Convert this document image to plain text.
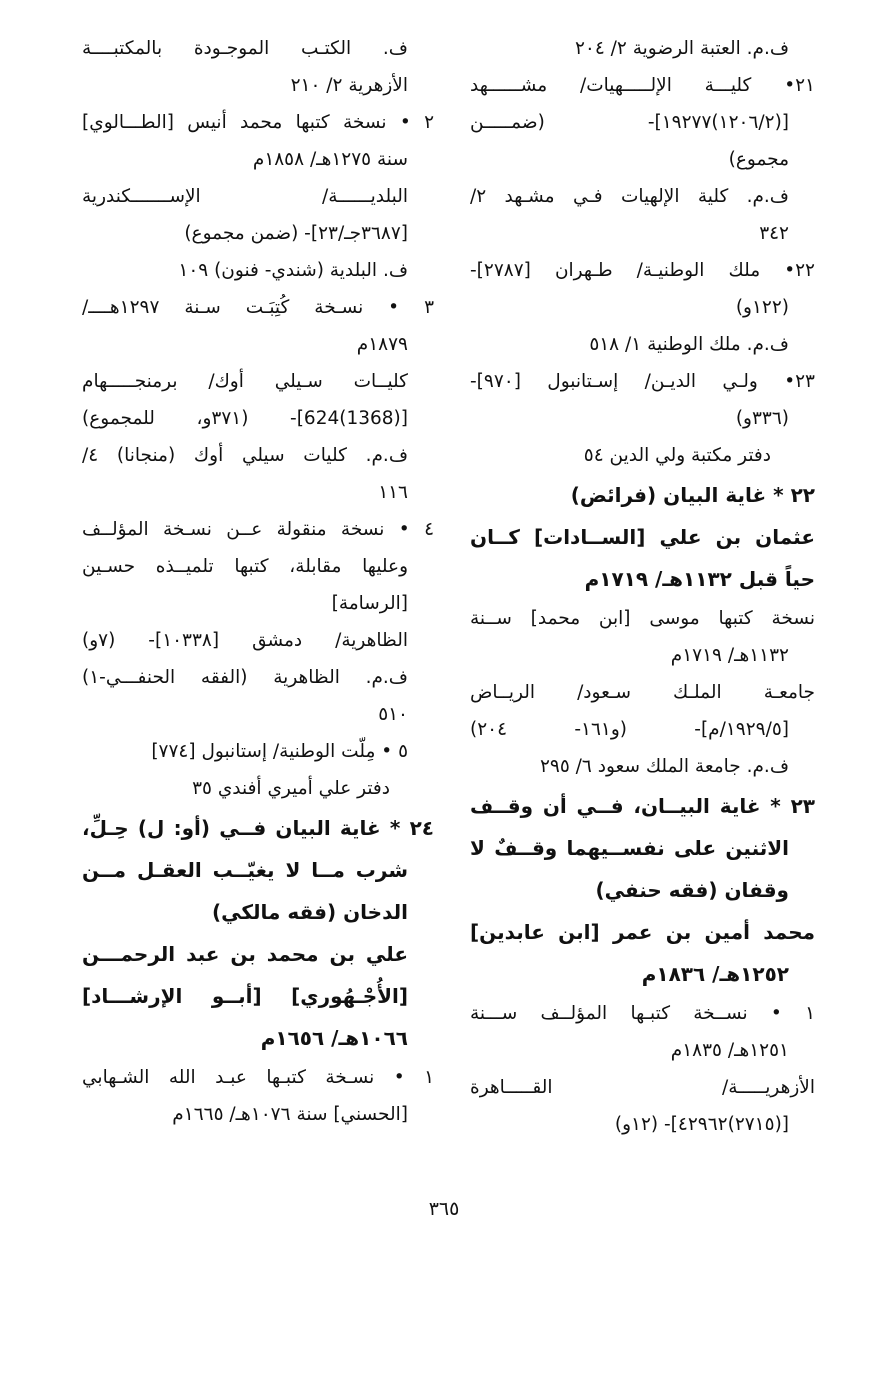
ف.م. العتبة الرضوية ٢/ ٢٠٤
٢١• كليـــة الإلـــــهيات/ مشــــــهد
[(١٢٠٦/٢)١٩٢٧٧]- (ضمـــــن
مجموع)
ف.م. كلية الإلهيات فـي مشـهد ٢/
٣٤٢
٢٢• ملك الوطنيـة/ طـهران [٢٧٨٧]-
(١٢٢و)
ف.م. ملك الوطنية ١/ ٥١٨
٢٣• ولـي الديـن/ إسـتانبول [٩٧٠]-
(٣٣٦و)
دفتر مكتبة ولي الدين ٥٤
٢٢ * غاية البيان (فرائض)
عثمان بن علي [الســادات] كــان
حياً قبل ١١٣٢هـ/ ١٧١٩م
نسخة كتبها موسى [ابن محمد] ســنة
١١٣٢هـ/ ١٧١٩م
جامعـة الملـك سـعود/ الريــاض
[١٩٢٩/٥/م]- (و١٦١- ٢٠٤)
ف.م. جامعة الملك سعود ٦/ ٢٩٥
٢٣ * غاية البيــان، فــي أن وقــف
الاثنين على نفســيهما وقــفٌ لا
وقفان (فقه حنفي)
محمد أمين بن عمر [ابن عابدين]
١٢٥٢هـ/ ١٨٣٦م
١ • نســخة كتبـها المؤلــف ســـنة
١٢٥١هـ/ ١٨٣٥م
الأزهريـــــة/ القـــــاهرة
[(٢٧١٥)٤٢٩٦٢]- (١٢و)
ف. الكتـب الموجـودة بالمكتبــــة
الأزهرية ٢/ ٢١٠
٢ • نسخة كتبها محمد أنيس [الطـــالوي]
سنة ١٢٧٥هـ/ ١٨٥٨م
البلديــــــة/ الإســـــــكندرية
[٣٦٨٧جـ/٢٣]- (ضمن مجموع)
ف. البلدية (شندي- فنون) ١٠٩
٣ • نسـخة كُتِبَـت سـنة ١٢٩٧هــــ/
١٨٧٩م
كليــات سـيلي أوك/ برمنجـــــهام
[(1368)624]- (٣٧١و، للمجموع)
ف.م. كليات سيلي أوك (منجانا) ٤/
١١٦
٤ • نسخة منقولة عــن نسـخة المؤلــف
وعليها مقابلة، كتبها تلميــذه حسـين
[الرسامة]
الظاهرية/ دمشق [١٠٣٣٨]- (٧و)
ف.م. الظاهرية (الفقه الحنفـــي-١)
٥١٠
٥ • مِلّت الوطنية/ إستانبول [٧٧٤]
دفتر علي أميري أفندي ٣٥
٢٤ * غاية البيان فــي (أو: ل) حِـلِّ،
شرب مــا لا يغيّــب العقـل مــن
الدخان (فقه مالكي)
علي بن محمد بن عبد الرحمـــن
[الأُجْـهُوري] [أبــو الإرشـــاد]
١٠٦٦هـ/ ١٦٥٦م
١ • نسـخة كتبـها عبـد الله الشـهابي
[الحسني] سنة ١٠٧٦هـ/ ١٦٦٥م
٣٦٥
